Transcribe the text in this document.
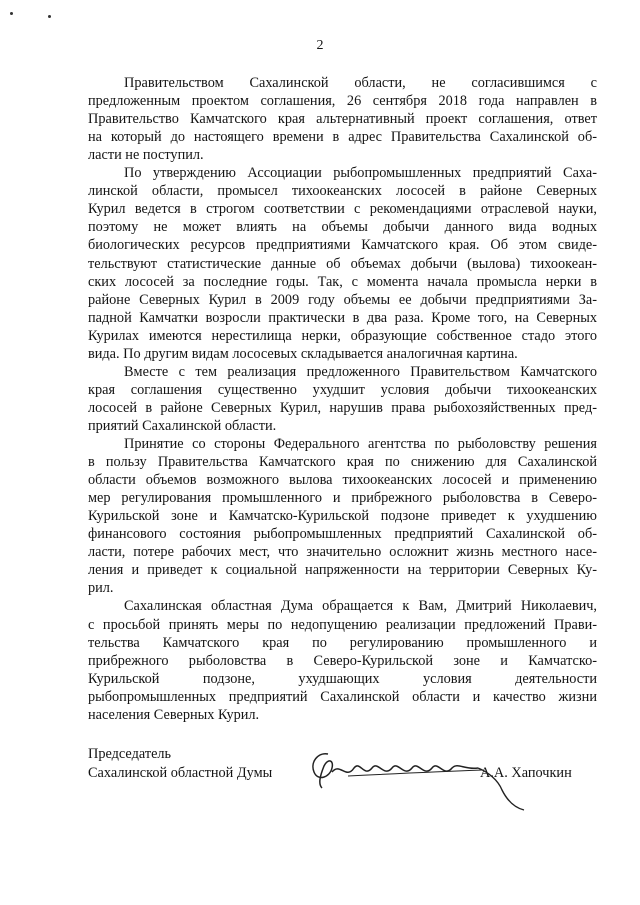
2
Правительством Сахалинской области, не согласившимся с
предложенным проектом соглашения, 26 сентября 2018 года направлен в
Правительство Камчатского края альтернативный проект соглашения, ответ
на который до настоящего времени в адрес Правительства Сахалинской об-
ласти не поступил.
По утверждению Ассоциации рыбопромышленных предприятий Саха-
линской области, промысел тихоокеанских лососей в районе Северных
Курил ведется в строгом соответствии с рекомендациями отраслевой науки,
поэтому не может влиять на объемы добычи данного вида водных
биологических ресурсов предприятиями Камчатского края. Об этом свиде-
тельствуют статистические данные об объемах добычи (вылова) тихоокеан-
ских лососей за последние годы. Так, с момента начала промысла нерки в
районе Северных Курил в 2009 году объемы ее добычи предприятиями За-
падной Камчатки возросли практически в два раза. Кроме того, на Северных
Курилах имеются нерестилища нерки, образующие собственное стадо этого
вида. По другим видам лососевых складывается аналогичная картина.
Вместе с тем реализация предложенного Правительством Камчатского
края соглашения существенно ухудшит условия добычи тихоокеанских
лососей в районе Северных Курил, нарушив права рыбохозяйственных пред-
приятий Сахалинской области.
Принятие со стороны Федерального агентства по рыболовству решения
в пользу Правительства Камчатского края по снижению для Сахалинской
области объемов возможного вылова тихоокеанских лососей и применению
мер регулирования промышленного и прибрежного рыболовства в Северо-
Курильской зоне и Камчатско-Курильской подзоне приведет к ухудшению
финансового состояния рыбопромышленных предприятий Сахалинской об-
ласти, потере рабочих мест, что значительно осложнит жизнь местного насе-
ления и приведет к социальной напряженности на территории Северных Ку-
рил.
Сахалинская областная Дума обращается к Вам, Дмитрий Николаевич,
с просьбой принять меры по недопущению реализации предложений Прави-
тельства Камчатского края по регулированию промышленного и
прибрежного рыболовства в Северо-Курильской зоне и Камчатско-
Курильской подзоне, ухудшающих условия деятельности
рыбопромышленных предприятий Сахалинской области и качество жизни
населения Северных Курил.
Председатель
Сахалинской областной Думы	А.А. Хапочкин
